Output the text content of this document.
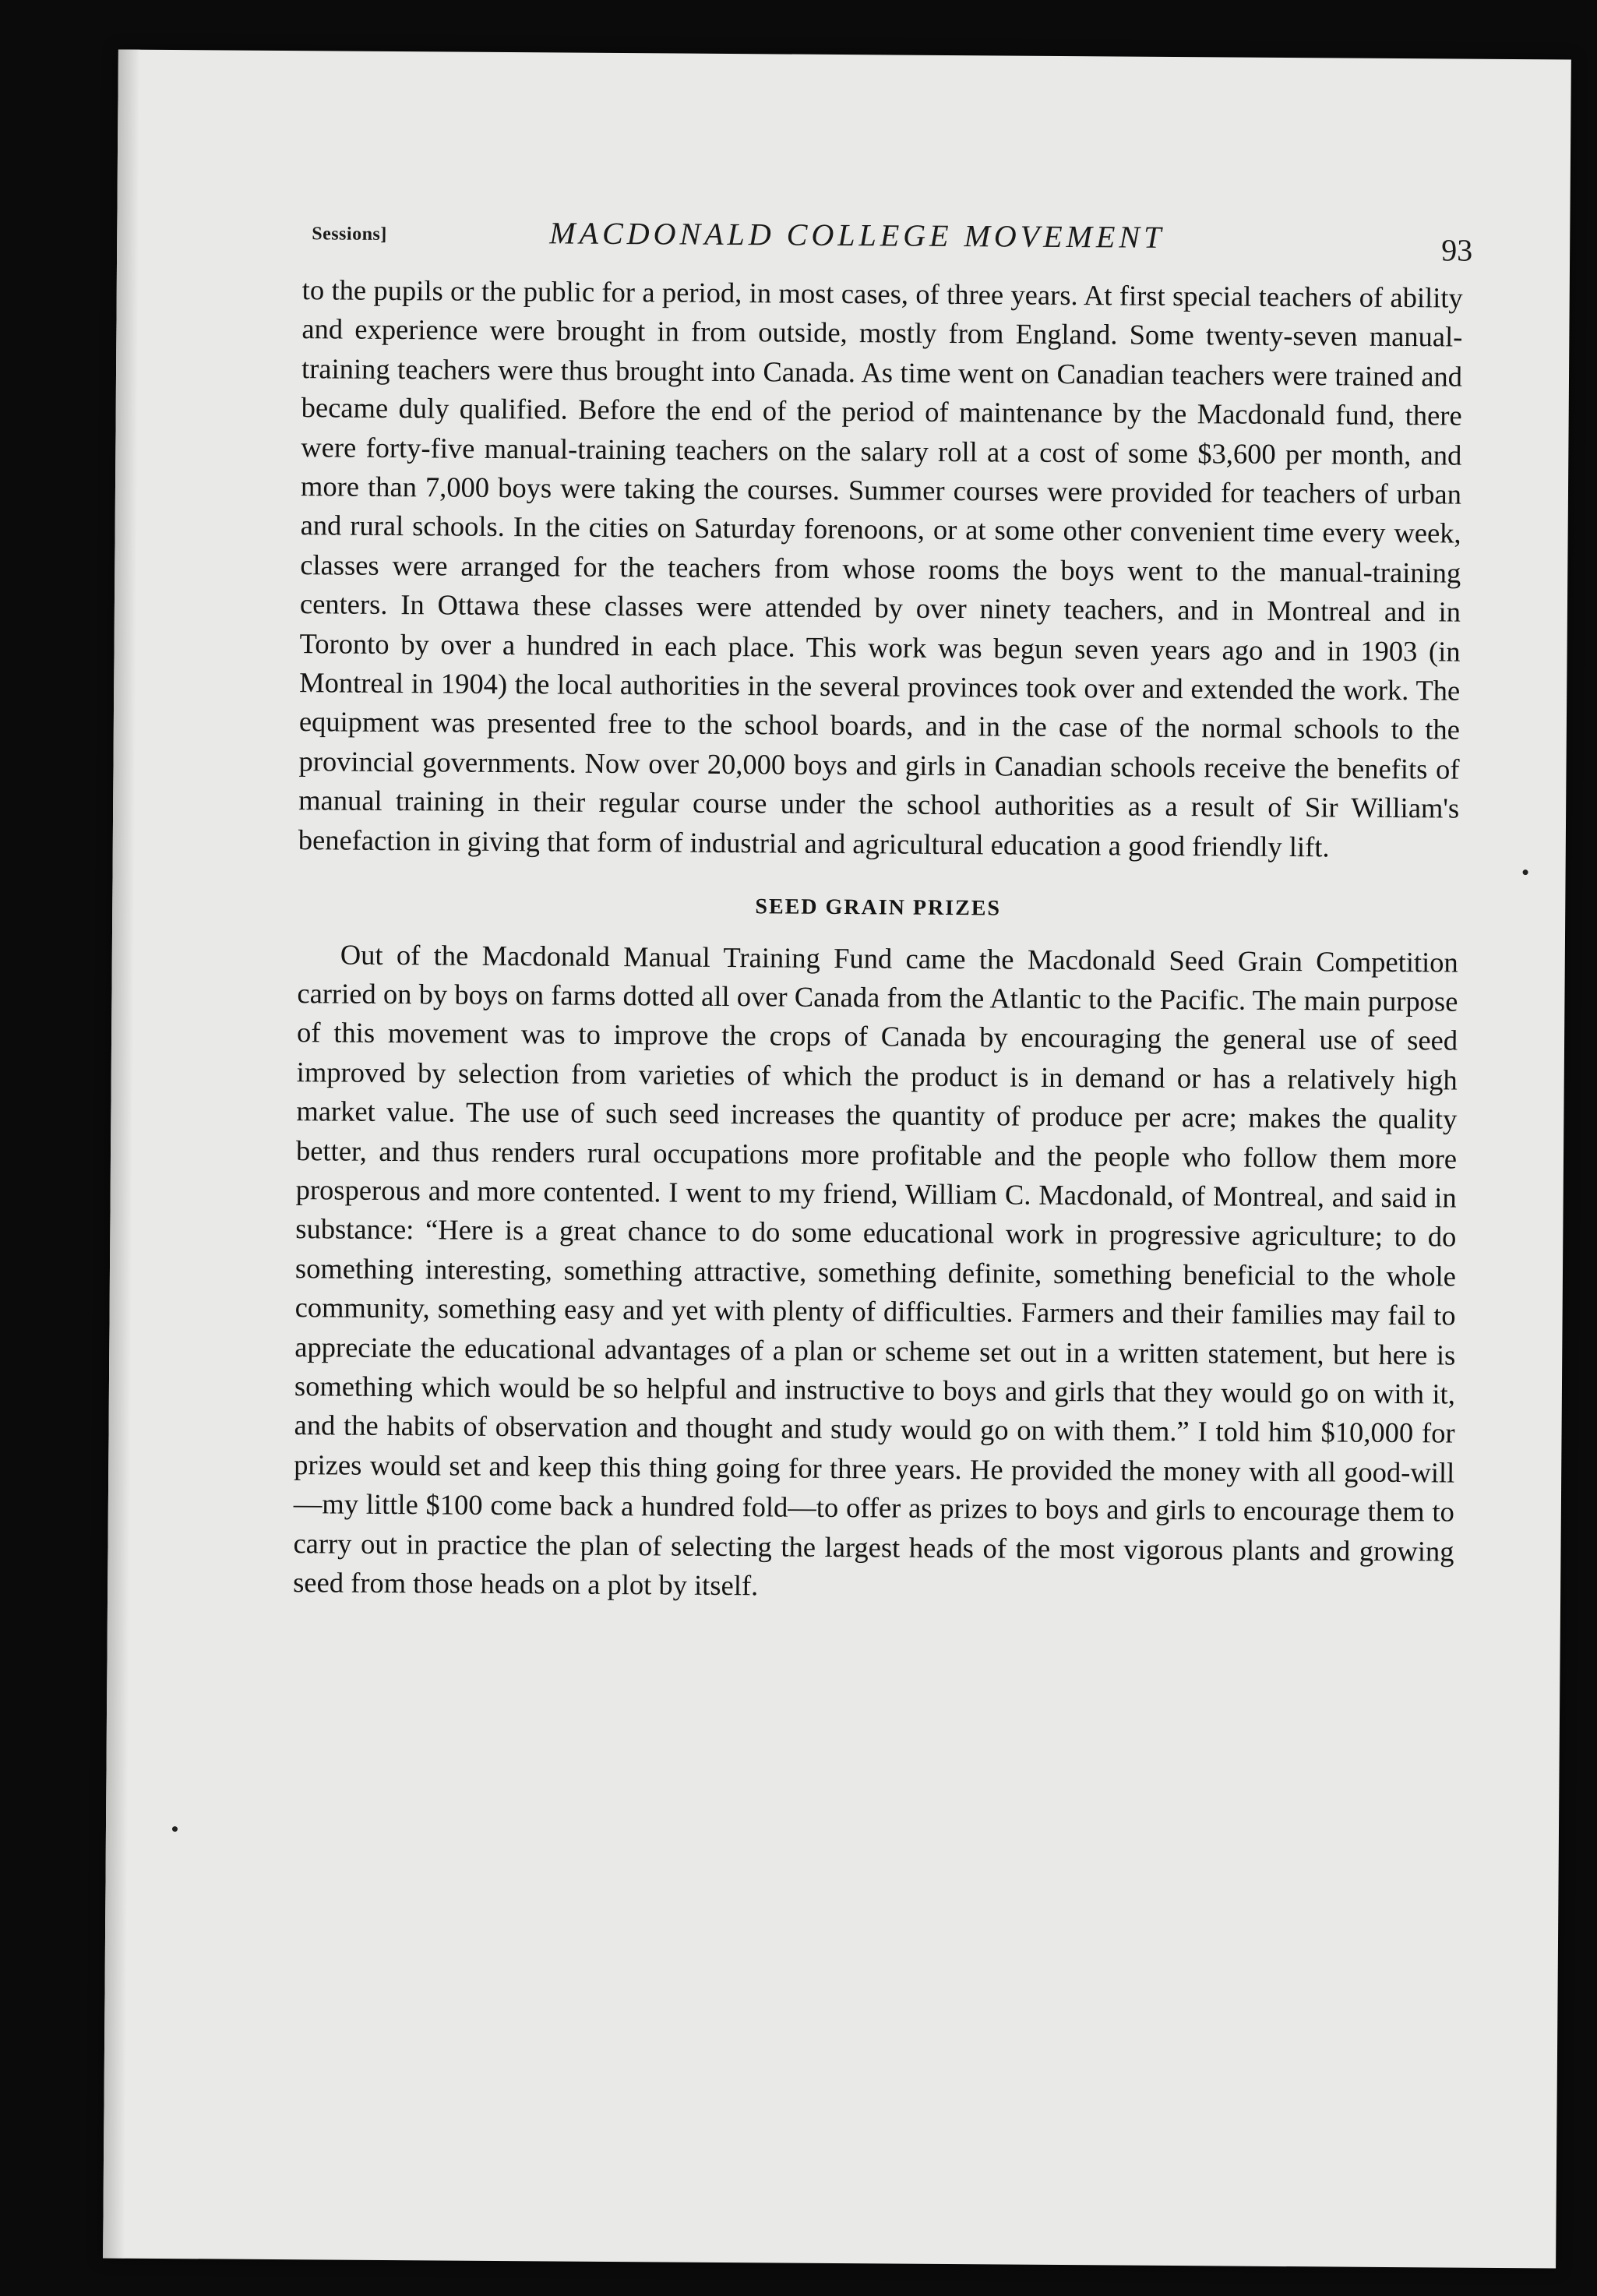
Sessions]	MACDONALD COLLEGE MOVEMENT	93

to the pupils or the public for a period, in most cases, of three years. At first special teachers of ability and experience were brought in from outside, mostly from England. Some twenty-seven manual-training teachers were thus brought into Canada. As time went on Canadian teachers were trained and became duly qualified. Before the end of the period of maintenance by the Macdonald fund, there were forty-five manual-training teachers on the salary roll at a cost of some $3,600 per month, and more than 7,000 boys were taking the courses. Summer courses were provided for teachers of urban and rural schools. In the cities on Saturday forenoons, or at some other convenient time every week, classes were arranged for the teachers from whose rooms the boys went to the manual-training centers. In Ottawa these classes were attended by over ninety teachers, and in Montreal and in Toronto by over a hundred in each place. This work was begun seven years ago and in 1903 (in Montreal in 1904) the local authorities in the several provinces took over and extended the work. The equipment was presented free to the school boards, and in the case of the normal schools to the provincial governments. Now over 20,000 boys and girls in Canadian schools receive the benefits of manual training in their regular course under the school authorities as a result of Sir William's benefaction in giving that form of industrial and agricultural education a good friendly lift.

SEED GRAIN PRIZES

Out of the Macdonald Manual Training Fund came the Macdonald Seed Grain Competition carried on by boys on farms dotted all over Canada from the Atlantic to the Pacific. The main purpose of this movement was to improve the crops of Canada by encouraging the general use of seed improved by selection from varieties of which the product is in demand or has a relatively high market value. The use of such seed increases the quantity of produce per acre; makes the quality better, and thus renders rural occupations more profitable and the people who follow them more prosperous and more contented. I went to my friend, William C. Macdonald, of Montreal, and said in substance: “Here is a great chance to do some educational work in progressive agriculture; to do something interesting, something attractive, something definite, something beneficial to the whole community, something easy and yet with plenty of difficulties. Farmers and their families may fail to appreciate the educational advantages of a plan or scheme set out in a written statement, but here is something which would be so helpful and instructive to boys and girls that they would go on with it, and the habits of observation and thought and study would go on with them.” I told him $10,000 for prizes would set and keep this thing going for three years. He provided the money with all good-will—my little $100 come back a hundred fold—to offer as prizes to boys and girls to encourage them to carry out in practice the plan of selecting the largest heads of the most vigorous plants and growing seed from those heads on a plot by itself.
